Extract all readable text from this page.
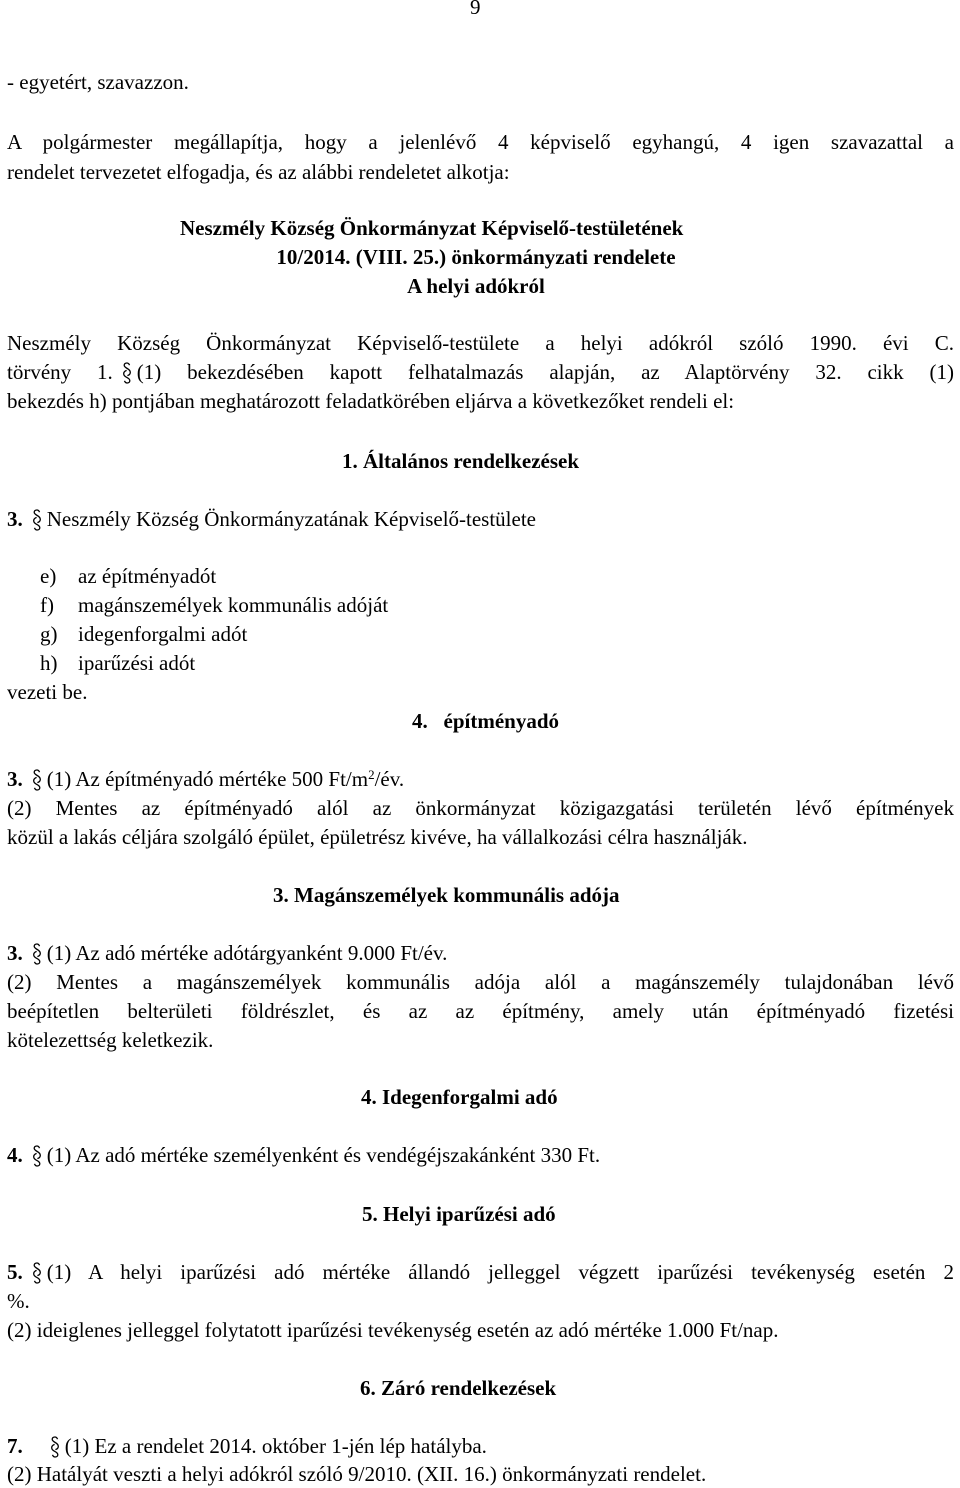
9
- egyetért, szavazzon.
A polgármester megállapítja, hogy a jelenlévő 4 képviselő egyhangú, 4 igen szavazattal a
rendelet tervezetet elfogadja, és az alábbi rendeletet alkotja:
Neszmély Község Önkormányzat Képviselő-testületének
10/2014. (VIII. 25.) önkormányzati rendelete
A helyi adókról
Neszmély Község Önkormányzat Képviselő-testülete a helyi adókról szóló 1990. évi C.
törvény 1. (1) bekezdésében kapott felhatalmazás alapján, az Alaptörvény 32. cikk (1)
bekezdés h) pontjában meghatározott feladatkörében eljárva a következőket rendeli el:
1. Általános rendelkezések
3. Neszmély Község Önkormányzatának Képviselő-testülete
e) az építményadót
f) magánszemélyek kommunális adóját
g) idegenforgalmi adót
h) iparűzési adót
vezeti be.
4.   építményadó
3. (1) Az építményadó mértéke 500 $Ft/m^2/év$.
(2) Mentes az építményadó alól az önkormányzat közigazgatási területén lévő építmények
közül a lakás céljára szolgáló épület, épületrész kivéve, ha vállalkozási célra használják.
3. Magánszemélyek kommunális adója
3. (1) Az adó mértéke adótárgyanként 9.000 Ft/év.
(2) Mentes a magánszemélyek kommunális adója alól a magánszemély tulajdonában lévő
beépítetlen belterületi földrészlet, és az az építmény, amely után építményadó fizetési
kötelezettség keletkezik.
4. Idegenforgalmi adó
4. (1) Az adó mértéke személyenként és vendégéjszakánként 330 Ft.
5. Helyi iparűzési adó
5. (1) A helyi iparűzési adó mértéke állandó jelleggel végzett iparűzési tevékenység esetén 2
%.
(2) ideiglenes jelleggel folytatott iparűzési tevékenység esetén az adó mértéke 1.000 Ft/nap.
6. Záró rendelkezések
7. (1) Ez a rendelet 2014. október 1-jén lép hatályba.
(2) Hatályát veszti a helyi adókról szóló 9/2010. (XII. 16.) önkormányzati rendelet.
